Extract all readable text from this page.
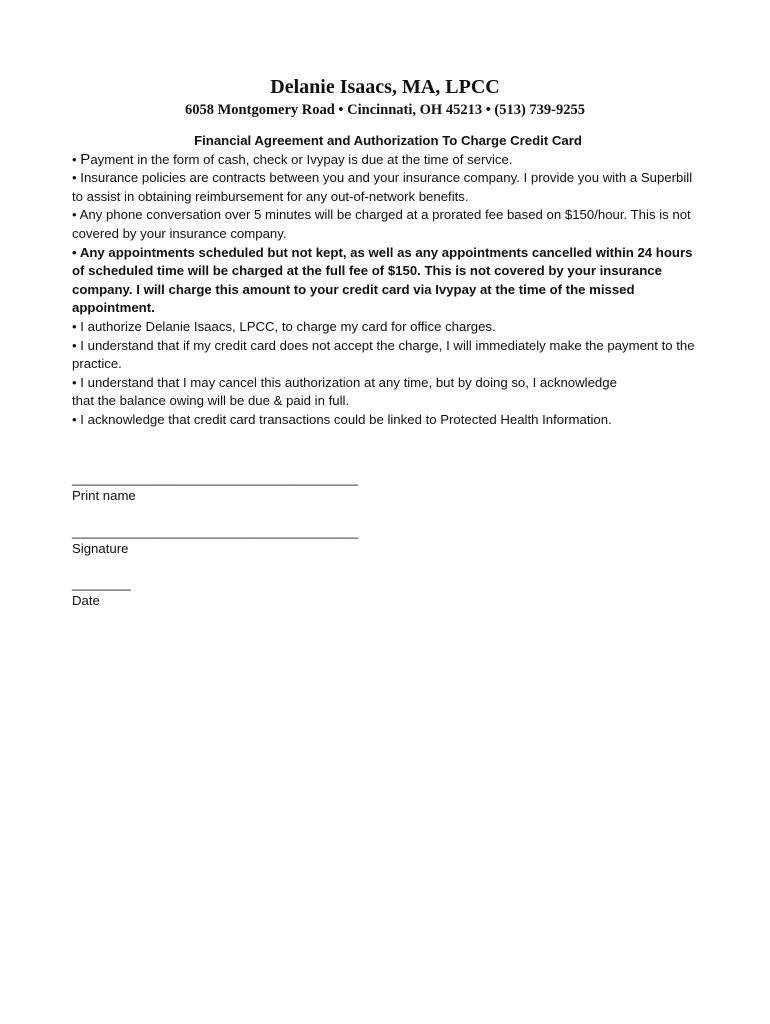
Delanie Isaacs, MA, LPCC
6058 Montgomery Road • Cincinnati, OH 45213 • (513) 739-9255
Financial Agreement and Authorization To Charge Credit Card

• Payment in the form of cash, check or Ivypay is due at the time of service.

• Insurance policies are contracts between you and your insurance company. I provide you with a Superbill to assist in obtaining reimbursement for any out-of-network benefits.

• Any phone conversation over 5 minutes will be charged at a prorated fee based on $150/hour. This is not covered by your insurance company.

• Any appointments scheduled but not kept, as well as any appointments cancelled within 24 hours of scheduled time will be charged at the full fee of $150. This is not covered by your insurance company. I will charge this amount to your credit card via Ivypay at the time of the missed appointment.

• I authorize Delanie Isaacs, LPCC, to charge my card for office charges.

• I understand that if my credit card does not accept the charge, I will immediately make the payment to the practice.

• I understand that I may cancel this authorization at any time, but by doing so, I acknowledge
that the balance owing will be due & paid in full.

• I acknowledge that credit card transactions could be linked to Protected Health Information.

_______________________________________
Print name
_______________________________________
Signature
________
Date
